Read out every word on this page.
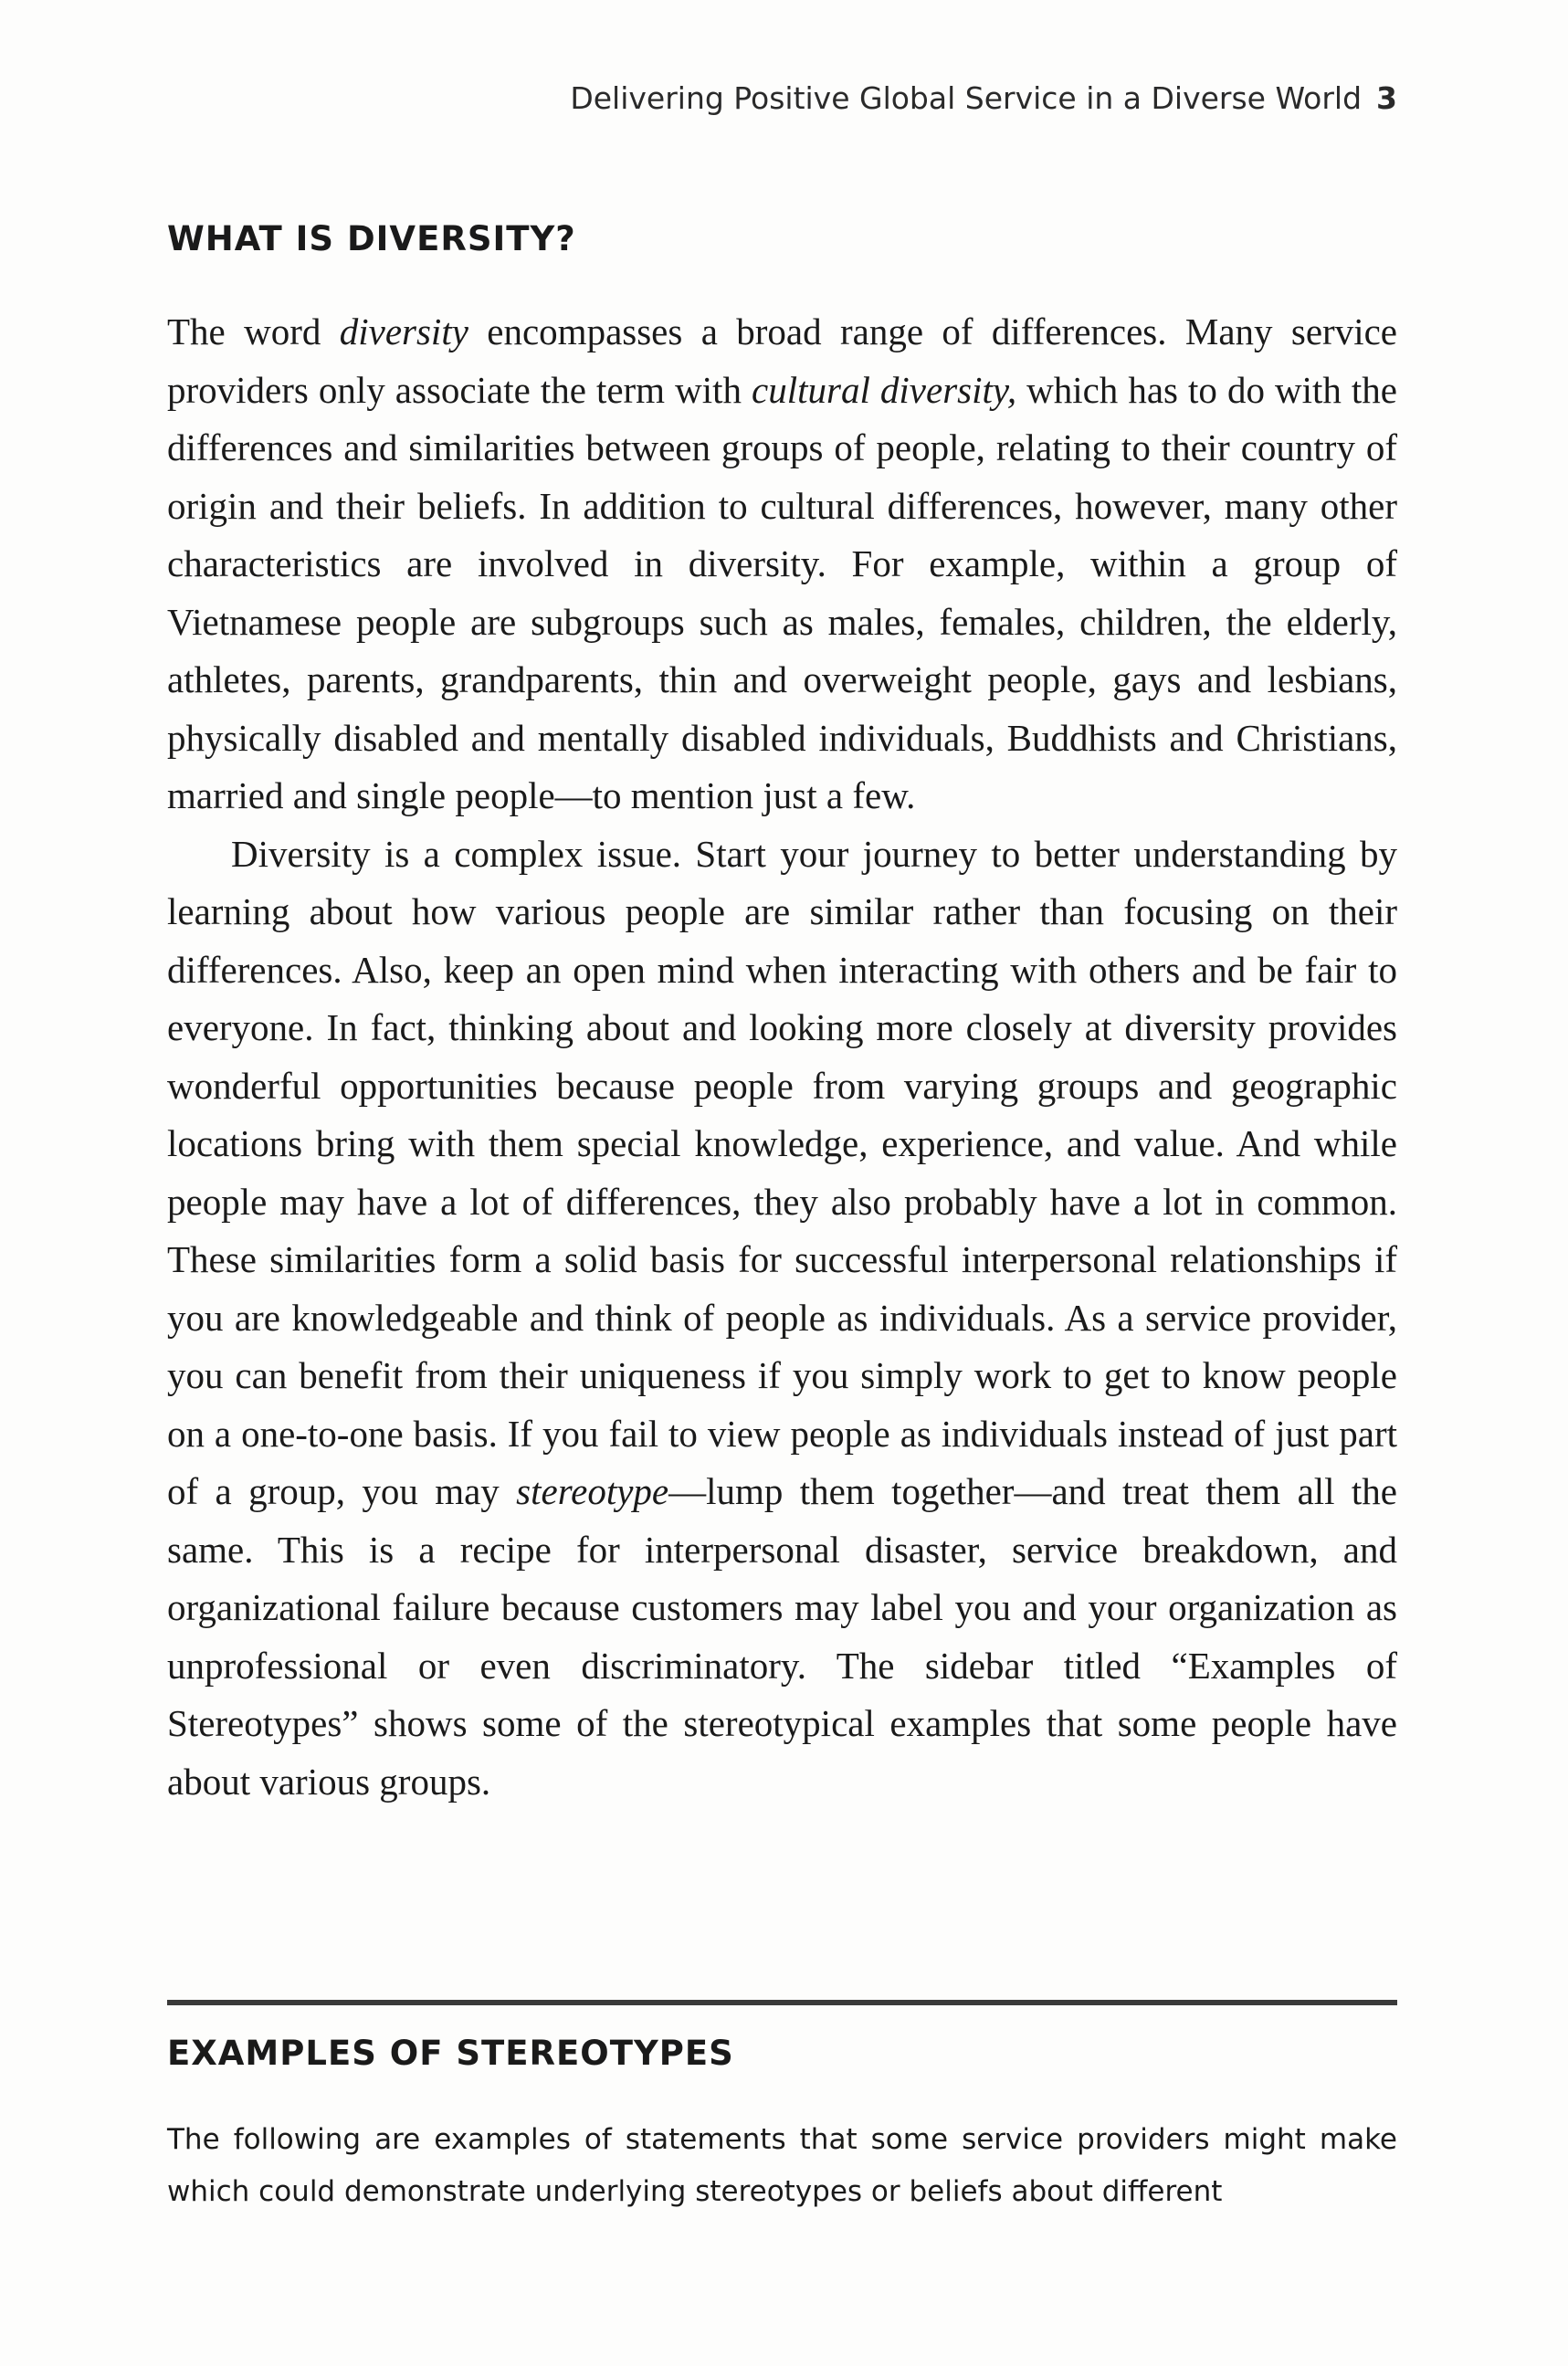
Delivering Positive Global Service in a Diverse World 3
WHAT IS DIVERSITY?

The word diversity encompasses a broad range of differences. Many service providers only associate the term with cultural diversity, which has to do with the differences and similarities between groups of people, relating to their country of origin and their beliefs. In addition to cultural differences, however, many other characteristics are involved in diversity. For example, within a group of Vietnamese people are subgroups such as males, females, children, the elderly, athletes, parents, grandparents, thin and overweight people, gays and lesbians, physically disabled and mentally disabled individuals, Buddhists and Christians, married and single people—to mention just a few.

Diversity is a complex issue. Start your journey to better understanding by learning about how various people are similar rather than focusing on their differences. Also, keep an open mind when interacting with others and be fair to everyone. In fact, thinking about and looking more closely at diversity provides wonderful opportunities because people from varying groups and geographic locations bring with them special knowledge, experience, and value. And while people may have a lot of differences, they also probably have a lot in common. These similarities form a solid basis for successful interpersonal relationships if you are knowledgeable and think of people as individuals. As a service provider, you can benefit from their uniqueness if you simply work to get to know people on a one-to-one basis. If you fail to view people as individuals instead of just part of a group, you may stereotype—lump them together—and treat them all the same. This is a recipe for interpersonal disaster, service breakdown, and organizational failure because customers may label you and your organization as unprofessional or even discriminatory. The sidebar titled “Examples of Stereotypes” shows some of the stereotypical examples that some people have about various groups.

EXAMPLES OF STEREOTYPES

The following are examples of statements that some service providers might make which could demonstrate underlying stereotypes or beliefs about different
